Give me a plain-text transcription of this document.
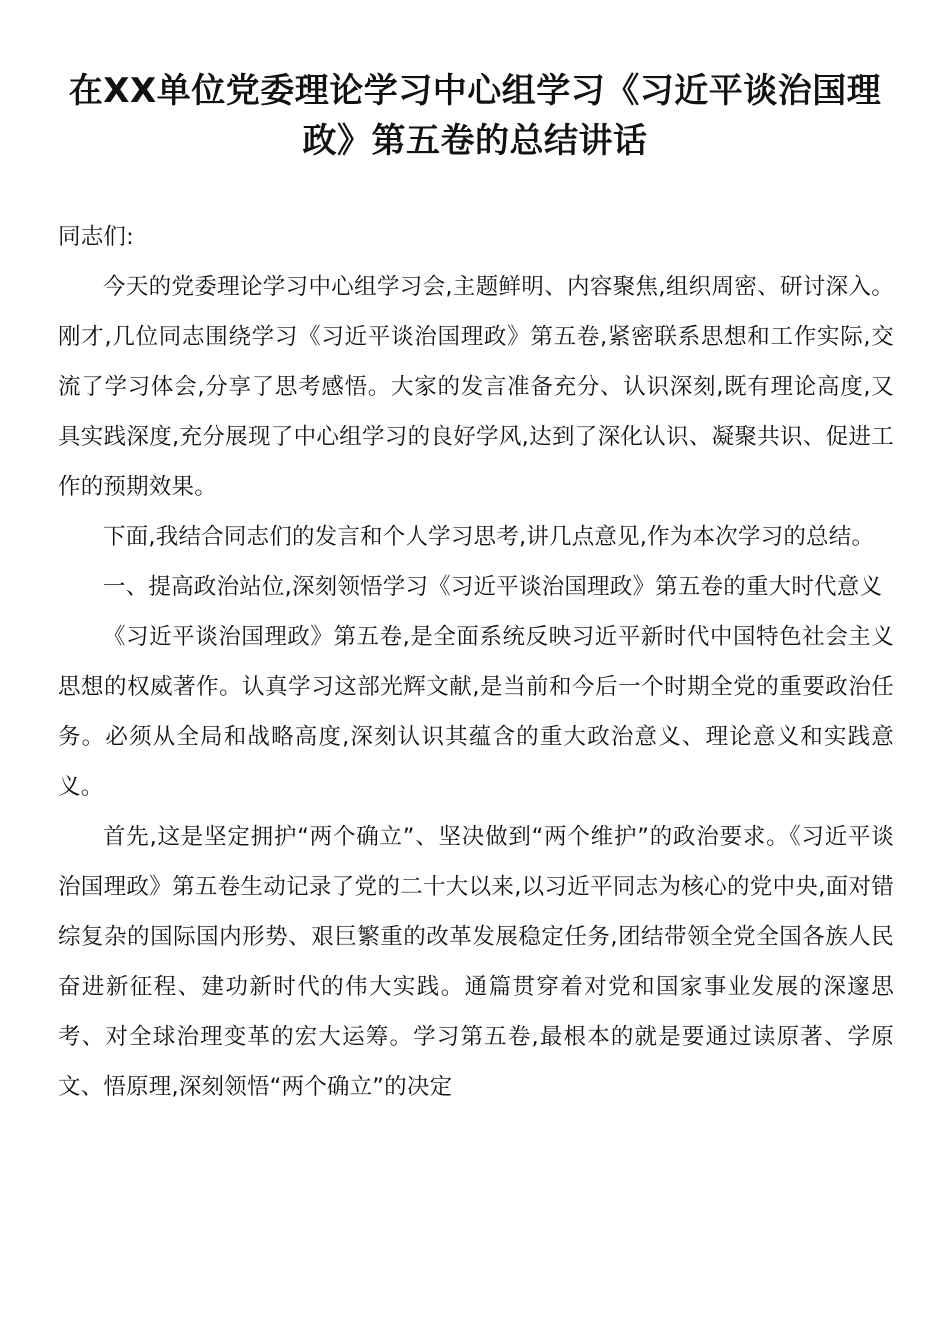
在XX单位党委理论学习中心组学习《习近平谈治国理政》第五卷的总结讲话

同志们:

今天的党委理论学习中心组学习会,主题鲜明、内容聚焦,组织周密、研讨深入。刚才,几位同志围绕学习《习近平谈治国理政》第五卷,紧密联系思想和工作实际,交流了学习体会,分享了思考感悟。大家的发言准备充分、认识深刻,既有理论高度,又具实践深度,充分展现了中心组学习的良好学风,达到了深化认识、凝聚共识、促进工作的预期效果。

下面,我结合同志们的发言和个人学习思考,讲几点意见,作为本次学习的总结。

一、提高政治站位,深刻领悟学习《习近平谈治国理政》第五卷的重大时代意义

《习近平谈治国理政》第五卷,是全面系统反映习近平新时代中国特色社会主义思想的权威著作。认真学习这部光辉文献,是当前和今后一个时期全党的重要政治任务。必须从全局和战略高度,深刻认识其蕴含的重大政治意义、理论意义和实践意义。

首先,这是坚定拥护“两个确立”、坚决做到“两个维护”的政治要求。《习近平谈治国理政》第五卷生动记录了党的二十大以来,以习近平同志为核心的党中央,面对错综复杂的国际国内形势、艰巨繁重的改革发展稳定任务,团结带领全党全国各族人民奋进新征程、建功新时代的伟大实践。通篇贯穿着对党和国家事业发展的深邃思考、对全球治理变革的宏大运筹。学习第五卷,最根本的就是要通过读原著、学原文、悟原理,深刻领悟“两个确立”的决定
